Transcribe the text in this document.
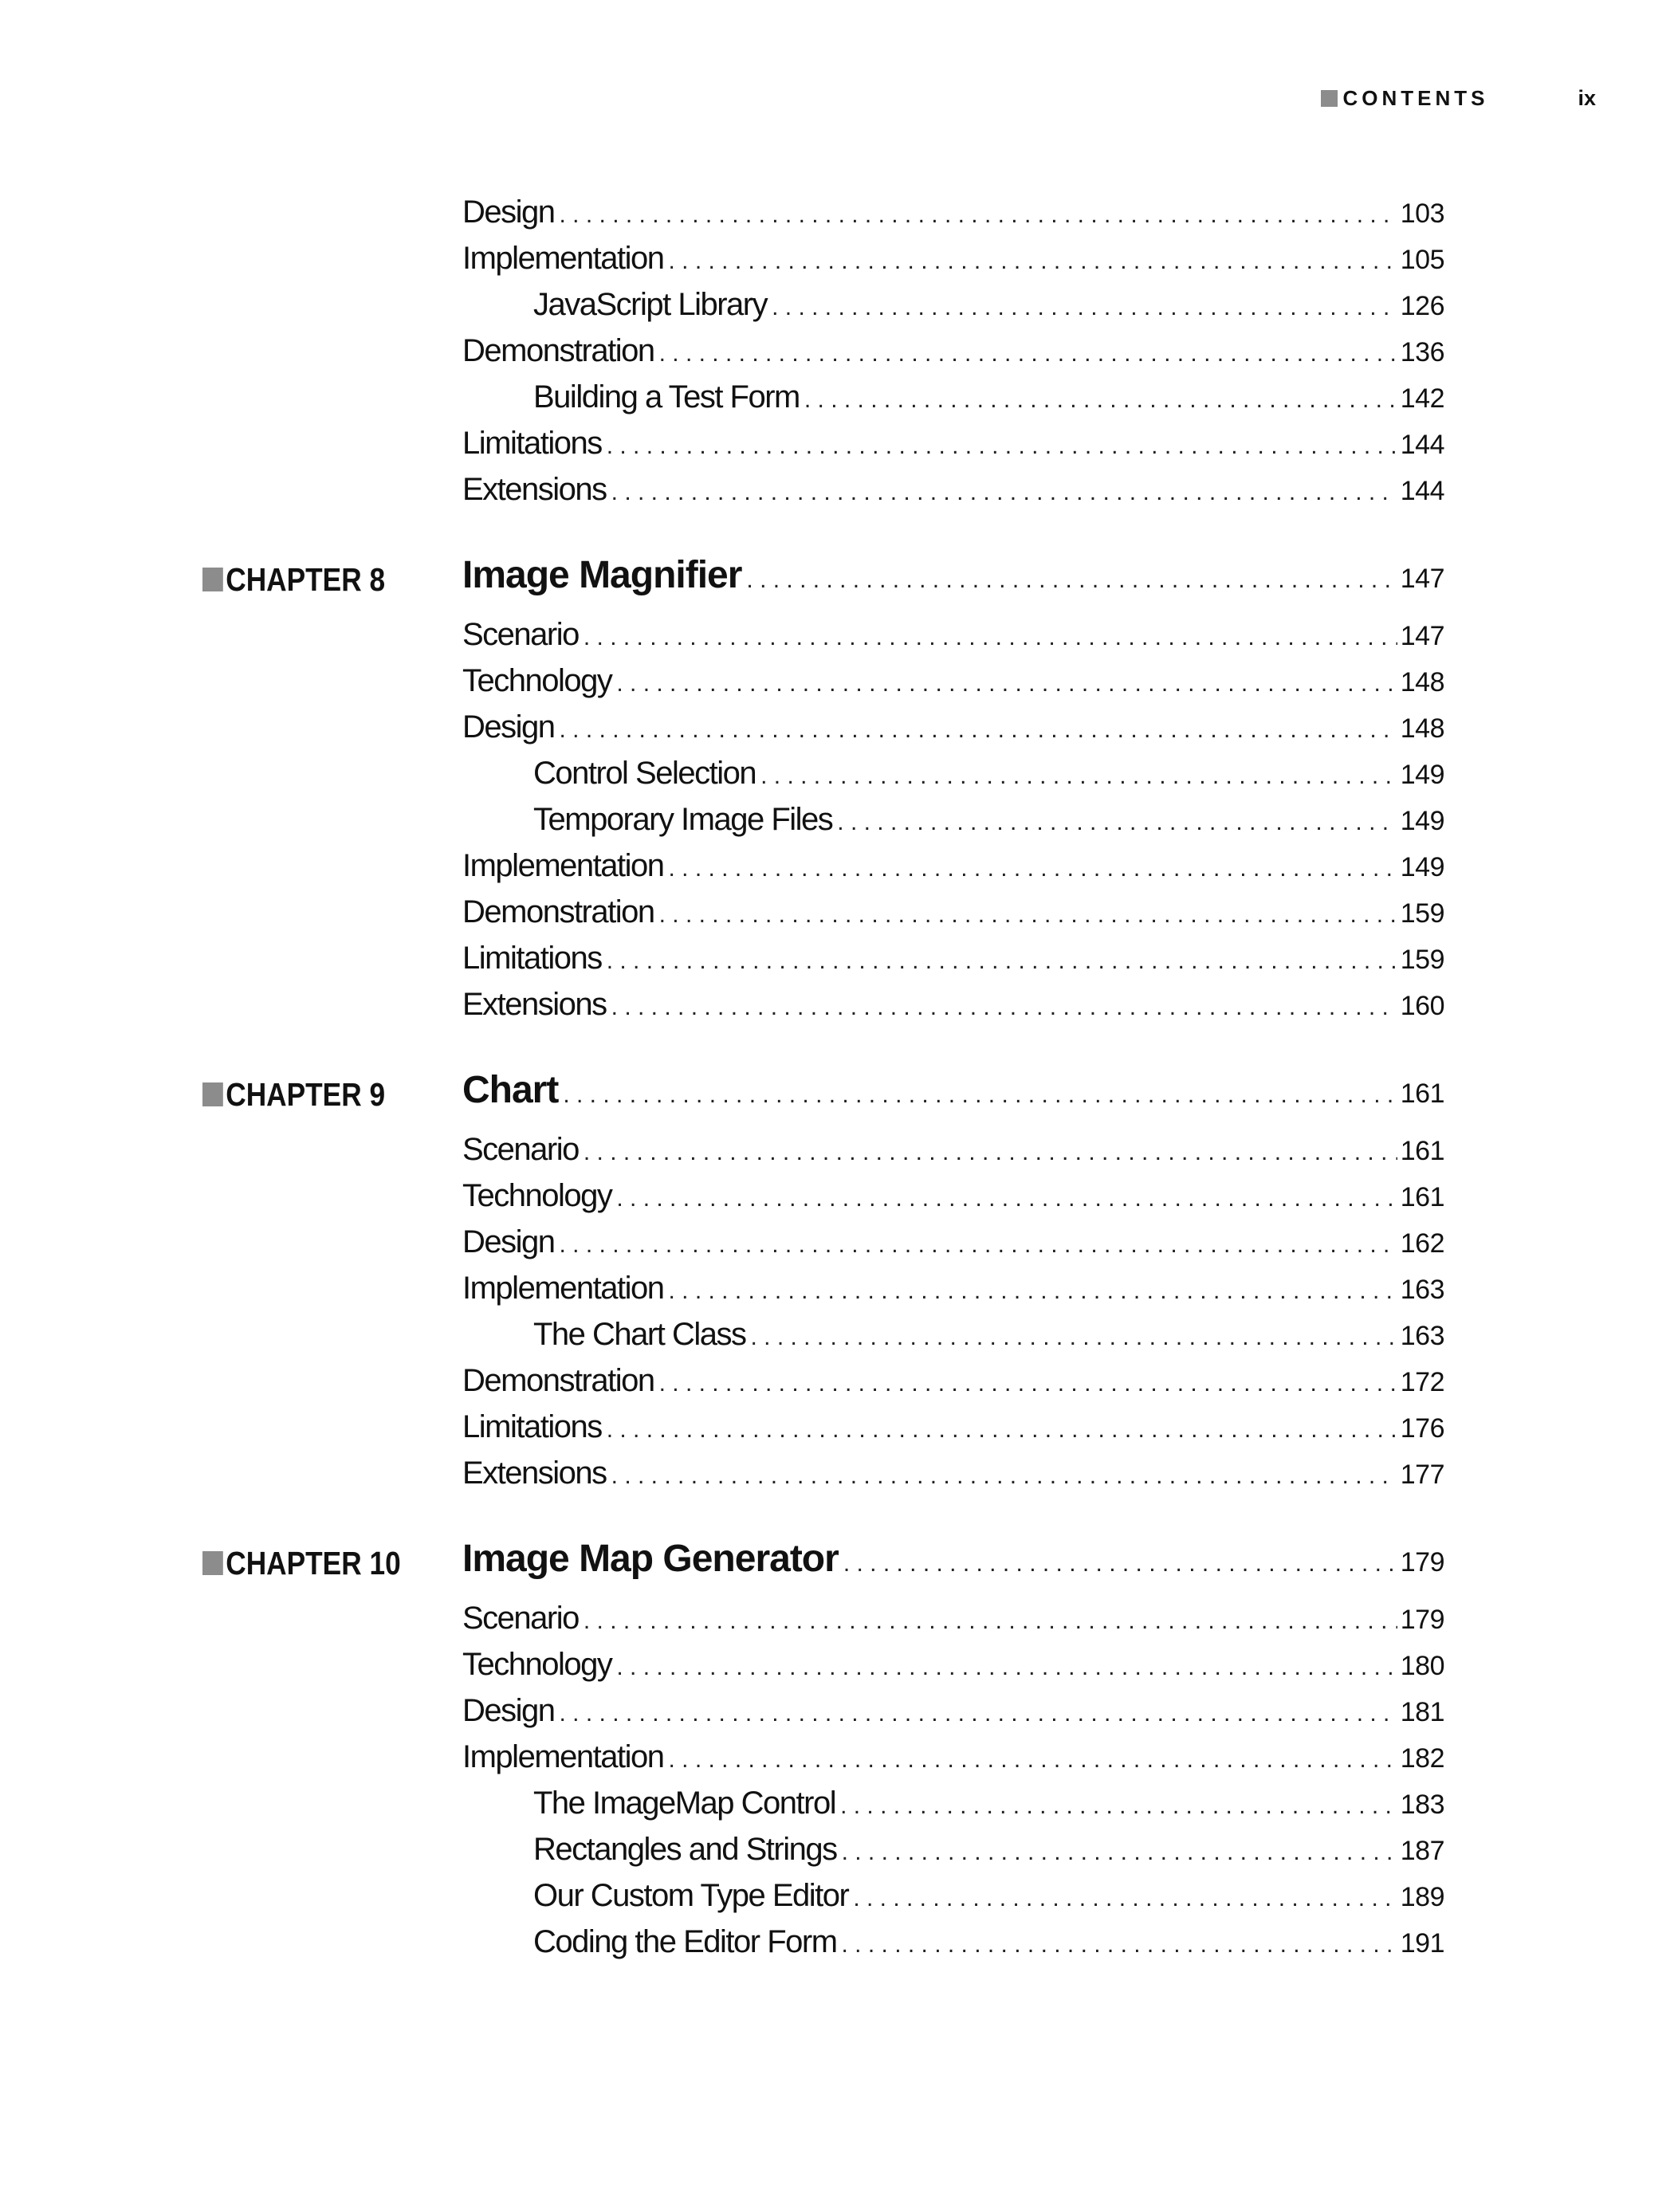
CONTENTS	ix
Design . . .	103
Implementation . . .	105
JavaScript Library . . .	126
Demonstration . . .	136
Building a Test Form . . .	142
Limitations . . .	144
Extensions . . .	144
CHAPTER 8 Image Magnifier . . .	147
Scenario . . .	147
Technology . . .	148
Design . . .	148
Control Selection . . .	149
Temporary Image Files . . .	149
Implementation . . .	149
Demonstration . . .	159
Limitations . . .	159
Extensions . . .	160
CHAPTER 9 Chart . . .	161
Scenario . . .	161
Technology . . .	161
Design . . .	162
Implementation . . .	163
The Chart Class . . .	163
Demonstration . . .	172
Limitations . . .	176
Extensions . . .	177
CHAPTER 10 Image Map Generator . . .	179
Scenario . . .	179
Technology . . .	180
Design . . .	181
Implementation . . .	182
The ImageMap Control . . .	183
Rectangles and Strings . . .	187
Our Custom Type Editor . . .	189
Coding the Editor Form . . .	191
